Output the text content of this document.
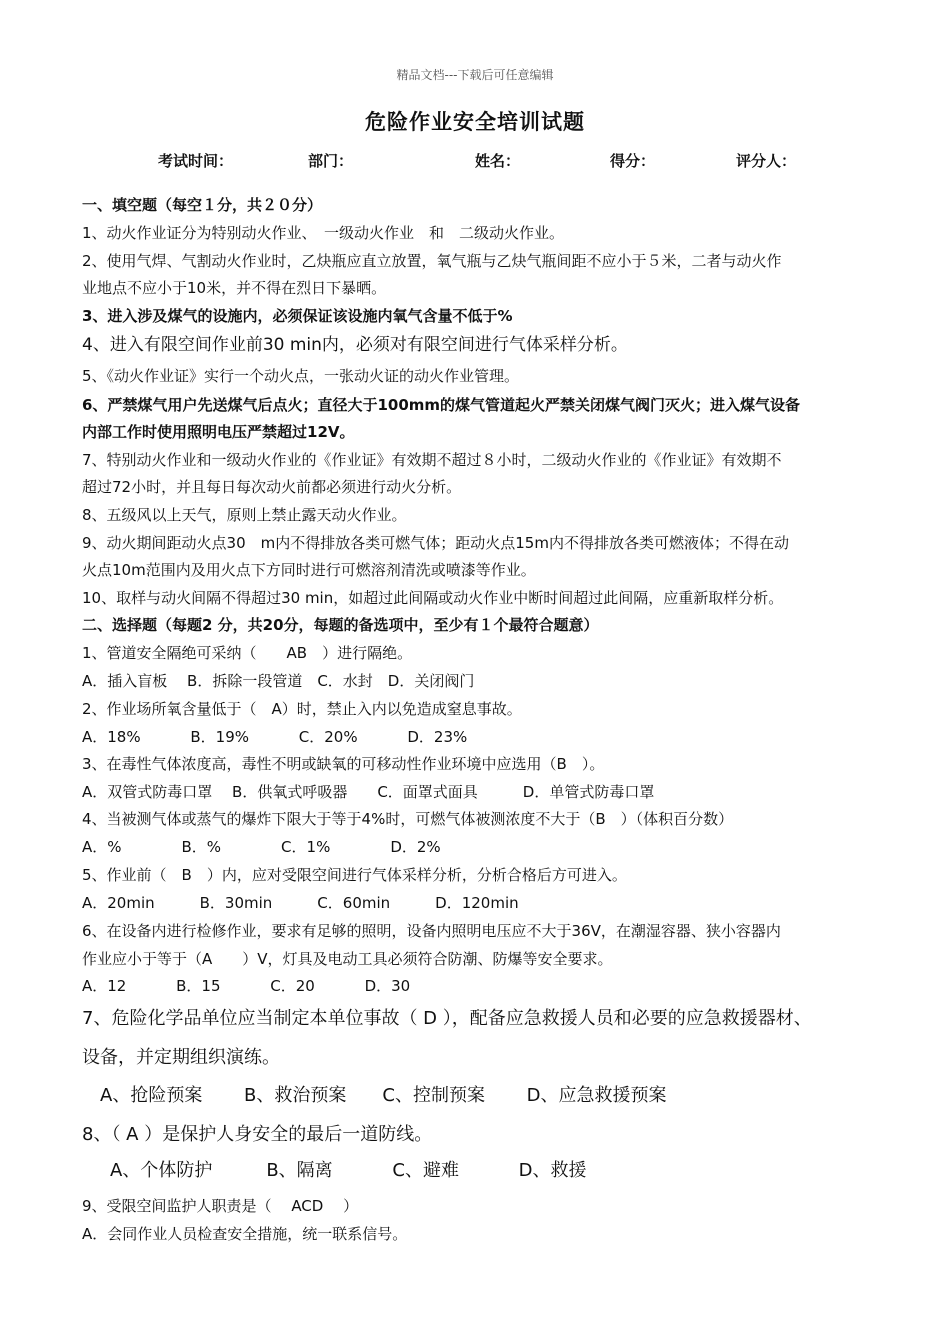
精品文档---下载后可任意编辑
危险作业安全培训试题
考试时间：	部门：	姓名：	得分：	评分人：
一、填空题（每空１分，共２０分）
1、动火作业证分为特别动火作业、　一级动火作业　和　二级动火作业。
2、使用气焊、气割动火作业时，乙炔瓶应直立放置，氧气瓶与乙炔气瓶间距不应小于５米，二者与动火作
业地点不应小于10米，并不得在烈日下暴晒。
3、进入涉及煤气的设施内，必须保证该设施内氧气含量不低于%
4、进入有限空间作业前30 min内，必须对有限空间进行气体采样分析。
5、《动火作业证》实行一个动火点，一张动火证的动火作业管理。
6、严禁煤气用户先送煤气后点火；直径大于100mm的煤气管道起火严禁关闭煤气阀门灭火；进入煤气设备
内部工作时使用照明电压严禁超过12V。
7、特别动火作业和一级动火作业的《作业证》有效期不超过８小时，二级动火作业的《作业证》有效期不
超过72小时，并且每日每次动火前都必须进行动火分析。
8、五级风以上天气，原则上禁止露天动火作业。
9、动火期间距动火点30　m内不得排放各类可燃气体；距动火点15m内不得排放各类可燃液体；不得在动
火点10m范围内及用火点下方同时进行可燃溶剂清洗或喷漆等作业。
10、取样与动火间隔不得超过30 min，如超过此间隔或动火作业中断时间超过此间隔，应重新取样分析。
二、选择题（每题2 分，共20分，每题的备选项中，至少有１个最符合题意）
1、管道安全隔绝可采纳（　　AB　）进行隔绝。
A．插入盲板　 B．拆除一段管道　C．水封　D．关闭阀门
2、作业场所氧含量低于（　A）时，禁止入内以免造成窒息事故。
A．18%　　　 B．19%　　　 C．20%　　　 D．23%
3、在毒性气体浓度高，毒性不明或缺氧的可移动性作业环境中应选用（B　）。
A．双管式防毒口罩　 B．供氧式呼吸器　　C．面罩式面具　　　D．单管式防毒口罩
4、当被测气体或蒸气的爆炸下限大于等于4%时，可燃气体被测浓度不大于（B　）（体积百分数）
A．%　　　　B．%　　　　C．1%　　　　D．2%
5、作业前（　B　）内，应对受限空间进行气体采样分析，分析合格后方可进入。
A．20min　　　B．30min　　　C．60min　　　D．120min
6、在设备内进行检修作业，要求有足够的照明，设备内照明电压应不大于36V，在潮湿容器、狭小容器内
作业应小于等于（A　　）V，灯具及电动工具必须符合防潮、防爆等安全要求。
A．12　　　 B．15　　　 C．20　　　 D．30
7、危险化学品单位应当制定本单位事故（ D ），配备应急救援人员和必要的应急救援器材、
设备，并定期组织演练。
A、抢险预案　　 B、救治预案　　C、控制预案　　 D、应急救援预案
8、（ A ）是保护人身安全的最后一道防线。
A、个体防护　　　B、隔离　　　 C、避难　　　 D、救援
9、受限空间监护人职责是（　 ACD　 ）
A．会同作业人员检查安全措施，统一联系信号。
